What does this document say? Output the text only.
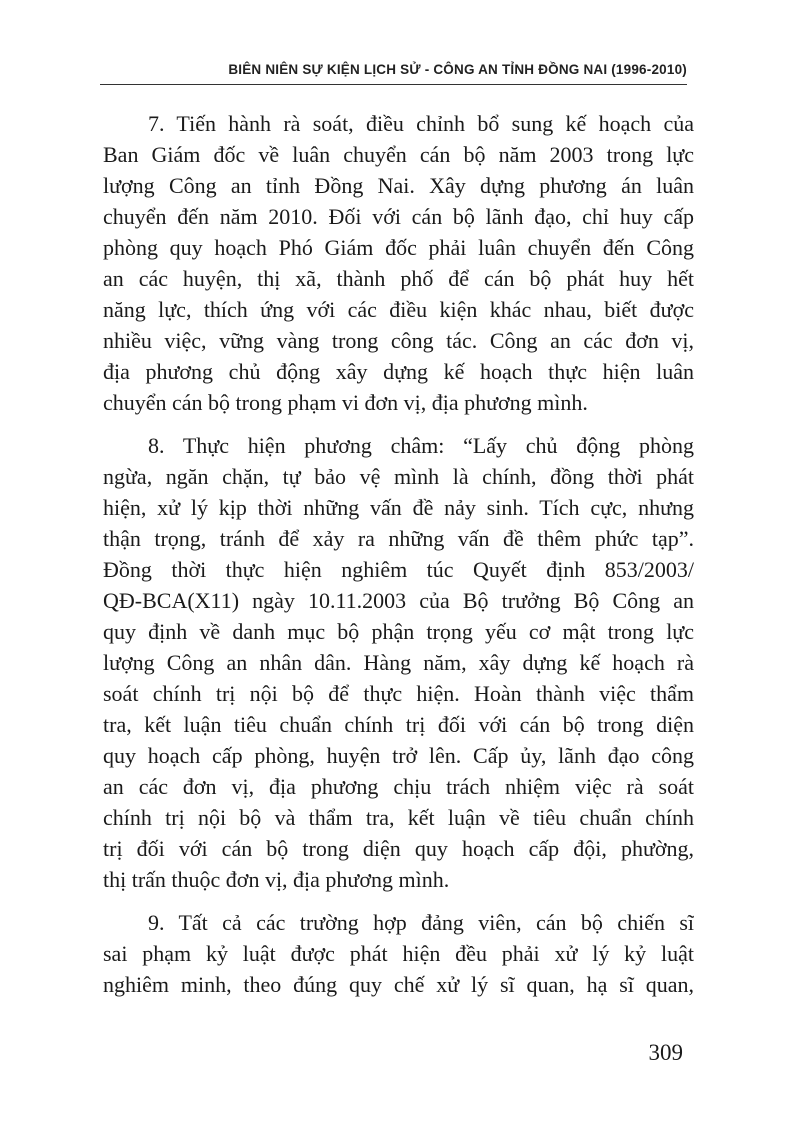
BIÊN NIÊN SỰ KIỆN LỊCH SỬ - CÔNG AN TỈNH ĐỒNG NAI (1996-2010)
7. Tiến hành rà soát, điều chỉnh bổ sung kế hoạch của
Ban Giám đốc về luân chuyển cán bộ năm 2003 trong lực
lượng Công an tỉnh Đồng Nai. Xây dựng phương án luân
chuyển đến năm 2010. Đối với cán bộ lãnh đạo, chỉ huy cấp
phòng quy hoạch Phó Giám đốc phải luân chuyển đến Công
an các huyện, thị xã, thành phố để cán bộ phát huy hết
năng lực, thích ứng với các điều kiện khác nhau, biết được
nhiều việc, vững vàng trong công tác. Công an các đơn vị,
địa phương chủ động xây dựng kế hoạch thực hiện luân
chuyển cán bộ trong phạm vi đơn vị, địa phương mình.
8. Thực hiện phương châm: “Lấy chủ động phòng
ngừa, ngăn chặn, tự bảo vệ mình là chính, đồng thời phát
hiện, xử lý kịp thời những vấn đề nảy sinh. Tích cực, nhưng
thận trọng, tránh để xảy ra những vấn đề thêm phức tạp”.
Đồng thời thực hiện nghiêm túc Quyết định 853/2003/
QĐ-BCA(X11) ngày 10.11.2003 của Bộ trưởng Bộ Công an
quy định về danh mục bộ phận trọng yếu cơ mật trong lực
lượng Công an nhân dân. Hàng năm, xây dựng kế hoạch rà
soát chính trị nội bộ để thực hiện. Hoàn thành việc thẩm
tra, kết luận tiêu chuẩn chính trị đối với cán bộ trong diện
quy hoạch cấp phòng, huyện trở lên. Cấp ủy, lãnh đạo công
an các đơn vị, địa phương chịu trách nhiệm việc rà soát
chính trị nội bộ và thẩm tra, kết luận về tiêu chuẩn chính
trị đối với cán bộ trong diện quy hoạch cấp đội, phường,
thị trấn thuộc đơn vị, địa phương mình.
9. Tất cả các trường hợp đảng viên, cán bộ chiến sĩ
sai phạm kỷ luật được phát hiện đều phải xử lý kỷ luật
nghiêm minh, theo đúng quy chế xử lý sĩ quan, hạ sĩ quan,
309
